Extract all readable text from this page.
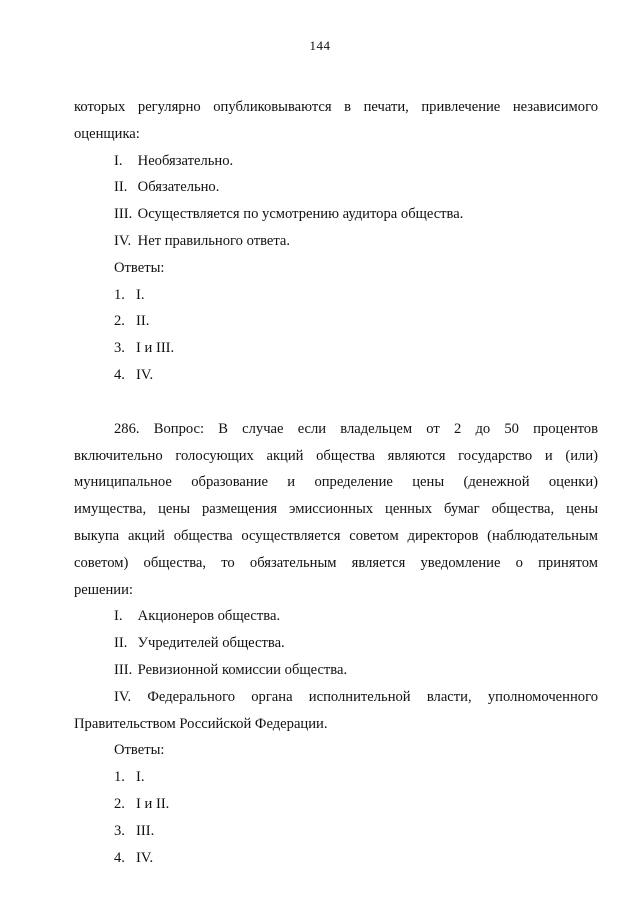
144
которых регулярно опубликовываются в печати, привлечение независимого
оценщика:
I. Необязательно.
II. Обязательно.
III. Осуществляется по усмотрению аудитора общества.
IV. Нет правильного ответа.
Ответы:
1. I.
2. II.
3. I и III.
4. IV.
286. Вопрос: В случае если владельцем от 2 до 50 процентов
включительно голосующих акций общества являются государство и (или)
муниципальное образование и определение цены (денежной оценки)
имущества, цены размещения эмиссионных ценных бумаг общества, цены
выкупа акций общества осуществляется советом директоров (наблюдательным
советом) общества, то обязательным является уведомление о принятом
решении:
I. Акционеров общества.
II. Учредителей общества.
III. Ревизионной комиссии общества.
IV. Федерального органа исполнительной власти, уполномоченного
Правительством Российской Федерации.
Ответы:
1. I.
2. I и II.
3. III.
4. IV.
